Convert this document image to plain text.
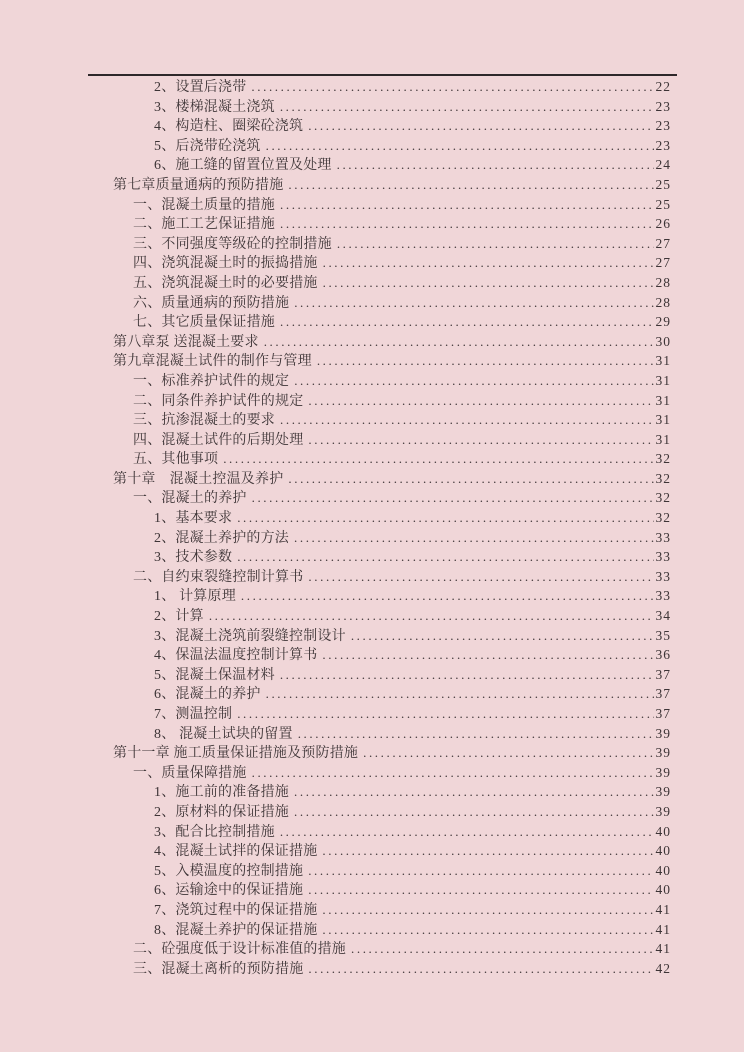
2、设置后浇带 .....	22
3、楼梯混凝土浇筑 .....	23
4、构造柱、圈梁砼浇筑 .....	23
5、后浇带砼浇筑 .....	23
6、施工缝的留置位置及处理 .....	24
第七章质量通病的预防措施 .....	25
一、混凝土质量的措施 .....	25
二、施工工艺保证措施 .....	26
三、不同强度等级砼的控制措施 .....	27
四、浇筑混凝土时的振捣措施 .....	27
五、浇筑混凝土时的必要措施 .....	28
六、质量通病的预防措施 .....	28
七、其它质量保证措施 .....	29
第八章泵 送混凝土要求 .....	30
第九章混凝土试件的制作与管理 .....	31
一、标准养护试件的规定 .....	31
二、同条件养护试件的规定 .....	31
三、抗渗混凝土的要求 .....	31
四、混凝土试件的后期处理 .....	31
五、其他事项 .....	32
第十章　混凝土控温及养护 .....	32
一、混凝土的养护 .....	32
1、基本要求 .....	32
2、混凝土养护的方法 .....	33
3、技术参数 .....	33
二、自约束裂缝控制计算书 .....	33
1、 计算原理 .....	33
2、计算 .....	34
3、混凝土浇筑前裂缝控制设计 .....	35
4、保温法温度控制计算书 .....	36
5、混凝土保温材料 .....	37
6、混凝土的养护 .....	37
7、测温控制 .....	37
8、 混凝土试块的留置 .....	39
第十一章 施工质量保证措施及预防措施 .....	39
一、质量保障措施 .....	39
1、施工前的准备措施 .....	39
2、原材料的保证措施 .....	39
3、配合比控制措施 .....	40
4、混凝土试拌的保证措施 .....	40
5、入模温度的控制措施 .....	40
6、运输途中的保证措施 .....	40
7、浇筑过程中的保证措施 .....	41
8、混凝土养护的保证措施 .....	41
二、砼强度低于设计标准值的措施 .....	41
三、混凝土离析的预防措施 .....	42
